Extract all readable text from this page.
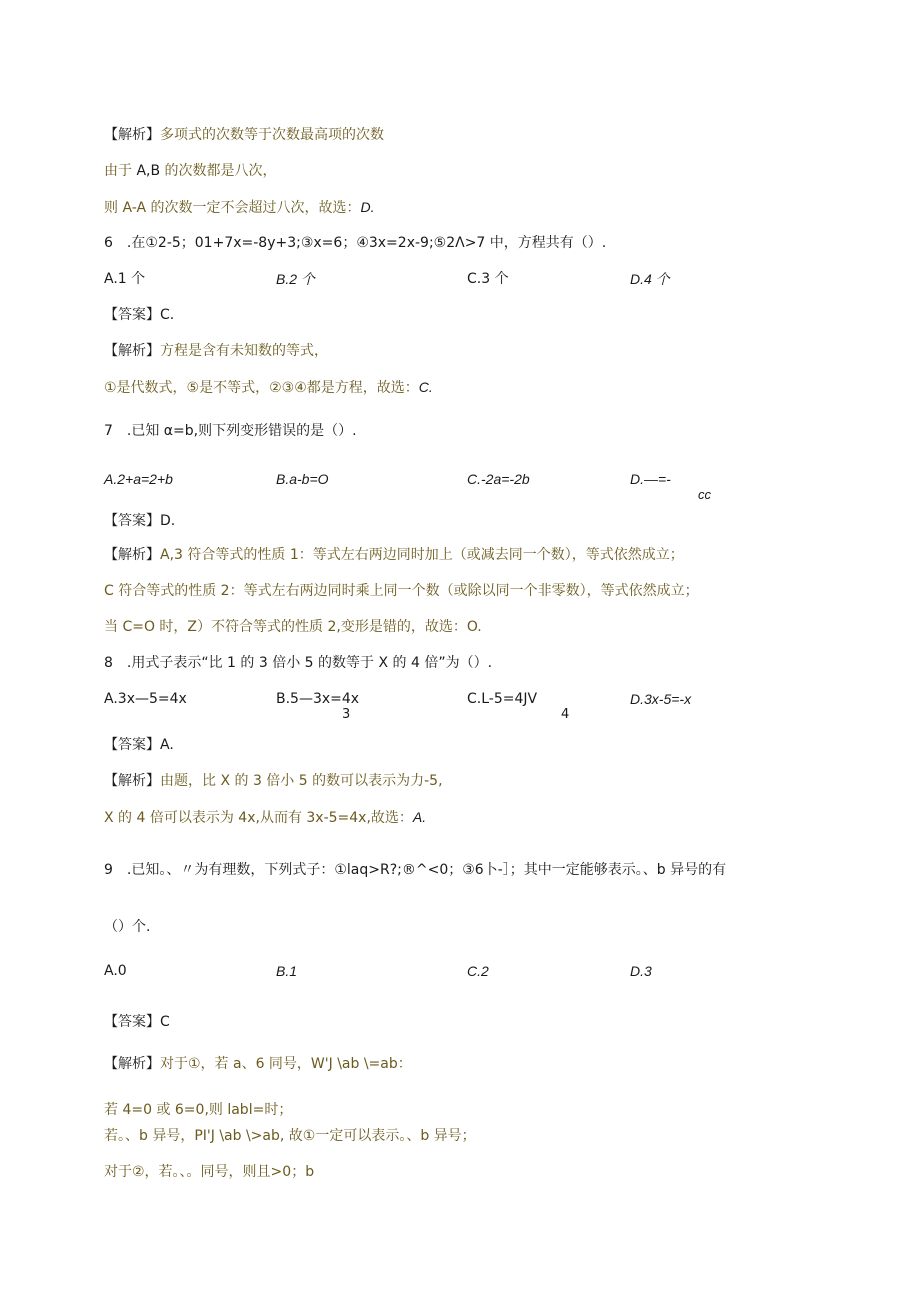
【解析】多项式的次数等于次数最高项的次数
由于 A,B 的次数都是八次，
则 A-A 的次数一定不会超过八次，故选：D.
6　.在①2-5；01+7x=-8y+3;③x=6；④3x=2x-9;⑤2Λ>7 中，方程共有（）.
A.1 个	B.2 个	C.3 个	D.4 个
【答案】C.
【解析】方程是含有未知数的等式，
①是代数式，⑤是不等式，②③④都是方程，故选：C.
7　.已知 α=b,则下列变形错误的是（）.
A.2+a=2+b	B.a-b=O	C.-2a=-2b	D.—=-
cc
【答案】D.
【解析】A,3 符合等式的性质 1：等式左右两边同时加上（或减去同一个数），等式依然成立；
C 符合等式的性质 2：等式左右两边同时乘上同一个数（或除以同一个非零数），等式依然成立；
当 C=O 时，Z）不符合等式的性质 2,变形是错的，故选：O.
8　.用式子表示“比 1 的 3 倍小 5 的数等于 X 的 4 倍”为（）.
A.3x—5=4x	B.5—3x=4x
3
C.L-5=4JV
4
D.3x-5=-x
【答案】A.
【解析】由题，比 X 的 3 倍小 5 的数可以表示为力-5,
X 的 4 倍可以表示为 4x,从而有 3x-5=4x,故选：A.
9　.已知。、〃为有理数，下列式子：①laq>R?;®^<0；③6卜-］；其中一定能够表示。、b 异号的有
（）个.
A.0	B.1	C.2	D.3
【答案】C
【解析】对于①，若 a、6 同号，W'J \ab \=ab：
若 4=0 或 6=0,则 labl=时；
若。、b 异号，PI'J \ab \>ab, 故①一定可以表示。、b 异号；
对于②，若。、。同号，则且>0；b
